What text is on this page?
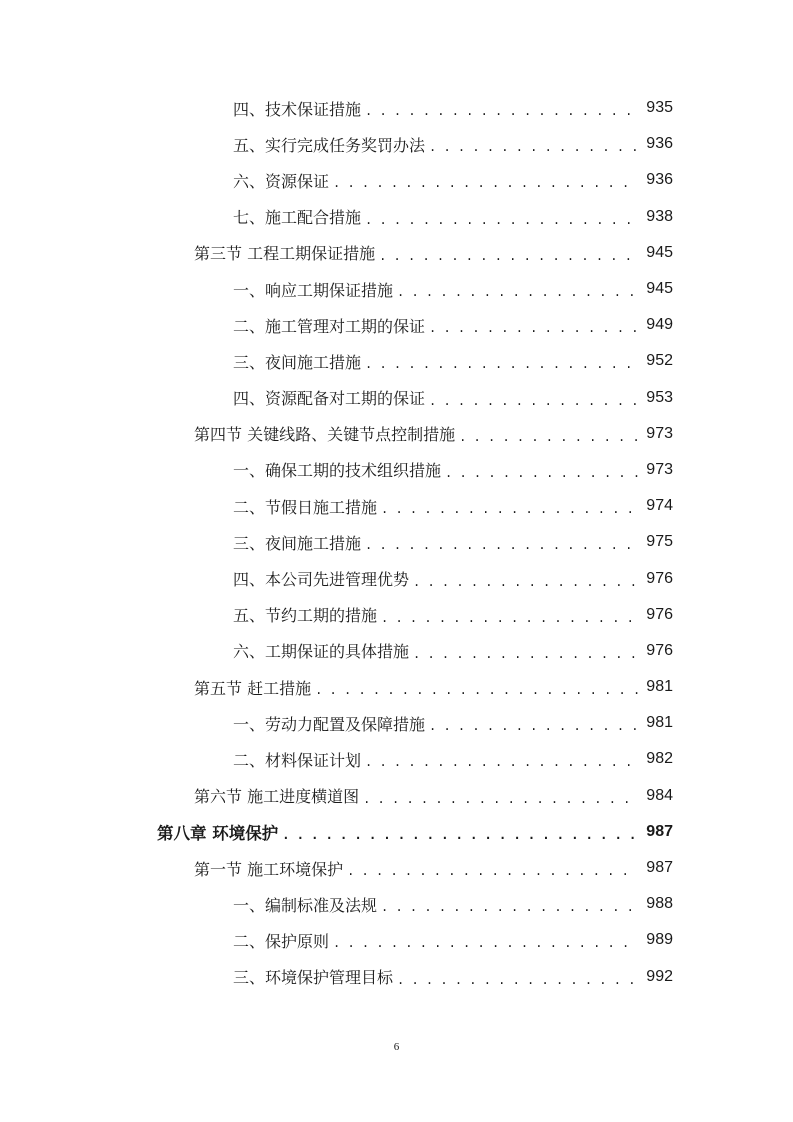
四、技术保证措施 . . .	935
五、实行完成任务奖罚办法 . . .	936
六、资源保证 . . .	936
七、施工配合措施 . . .	938
第三节 工程工期保证措施 . . .	945
一、响应工期保证措施 . . .	945
二、施工管理对工期的保证 . . .	949
三、夜间施工措施 . . .	952
四、资源配备对工期的保证 . . .	953
第四节 关键线路、关键节点控制措施 . . .	973
一、确保工期的技术组织措施 . . .	973
二、节假日施工措施 . . .	974
三、夜间施工措施 . . .	975
四、本公司先进管理优势 . . .	976
五、节约工期的措施 . . .	976
六、工期保证的具体措施 . . .	976
第五节 赶工措施 . . .	981
一、劳动力配置及保障措施 . . .	981
二、材料保证计划 . . .	982
第六节 施工进度横道图 . . .	984
第八章 环境保护 . . .	987
第一节 施工环境保护 . . .	987
一、编制标准及法规 . . .	988
二、保护原则 . . .	989
三、环境保护管理目标 . . .	992
6
